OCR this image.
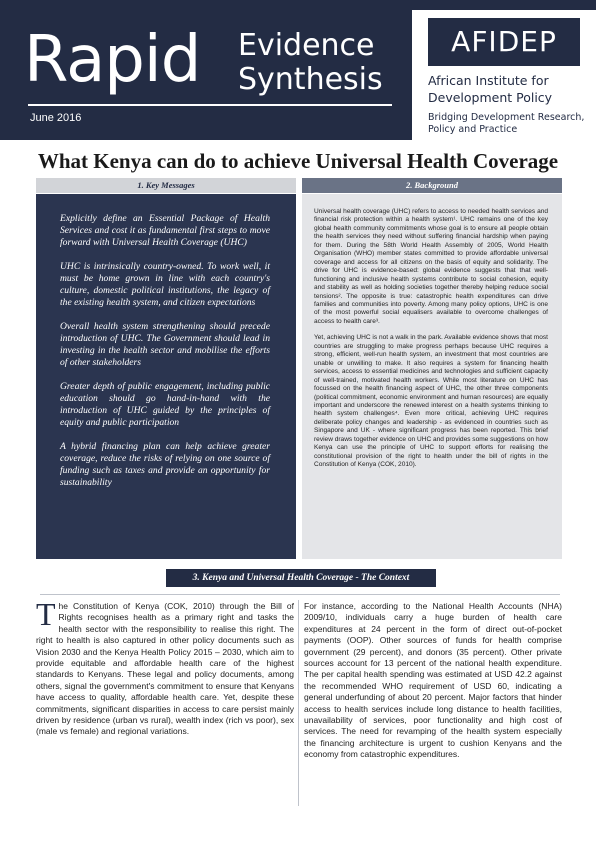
Rapid Evidence
Synthesis
June 2016
AFIDEP
African Institute for Development Policy
Bridging Development Research, Policy and Practice
What Kenya can do to achieve Universal Health Coverage
1. Key Messages	2. Background

Explicitly define an Essential Package of Health Services and cost it as fundamental first steps to move forward with Universal Health Coverage (UHC)

UHC is intrinsically country-owned. To work well, it must be home grown in line with each country's culture, domestic political institutions, the legacy of the existing health system, and citizen expectations

Overall health system strengthening should precede introduction of UHC. The Government should lead in investing in the health sector and mobilise the efforts of other stakeholders

Greater depth of public engagement, including public education should go hand-in-hand with the introduction of UHC guided by the principles of equity and public participation

A hybrid financing plan can help achieve greater coverage, reduce the risks of relying on one source of funding such as taxes and provide an opportunity for sustainability

Universal health coverage (UHC) refers to access to needed health services and financial risk protection within a health system¹. UHC remains one of the key global health community commitments whose goal is to ensure all people obtain the health services they need without suffering financial hardship when paying for them. During the 58th World Health Assembly of 2005, World Health Organisation (WHO) member states committed to provide affordable universal coverage and access for all citizens on the basis of equity and solidarity. The drive for UHC is evidence-based: global evidence suggests that that well-functioning and inclusive health systems contribute to social cohesion, equity and stability as well as holding societies together thereby helping reduce social tensions². The opposite is true: catastrophic health expenditures can drive families and communities into poverty. Among many policy options, UHC is one of the most powerful social equalisers available to overcome challenges of access to health care³.

Yet, achieving UHC is not a walk in the park. Available evidence shows that most countries are struggling to make progress perhaps because UHC requires a strong, efficient, well-run health system, an investment that most countries are unable or unwilling to make. It also requires a system for financing health services, access to essential medicines and technologies and sufficient capacity of well-trained, motivated health workers. While most literature on UHC has focussed on the health financing aspect of UHC, the other three components (political commitment, economic environment and human resources) are equally important and underscore the renewed interest on a health systems thinking to health system challenges⁴. Even more critical, achieving UHC requires deliberate policy changes and leadership - as evidenced in countries such as Singapore and UK - where significant progress has been reported. This brief review draws together evidence on UHC and provides some suggestions on how Kenya can use the principle of UHC to support efforts for realising the constitutional provision of the right to health under the bill of rights in the Constitution of Kenya (COK, 2010).

3. Kenya and Universal Health Coverage - The Context
The Constitution of Kenya (COK, 2010) through the Bill of Rights recognises health as a primary right and tasks the health sector with the responsibility to realise this right. The right to health is also captured in other policy documents such as Vision 2030 and the Kenya Health Policy 2015 – 2030, which aim to provide equitable and affordable health care of the highest standards to Kenyans. These legal and policy documents, among others, signal the government's commitment to ensure that Kenyans have access to quality, affordable health care. Yet, despite these commitments, significant disparities in access to care persist mainly driven by residence (urban vs rural), wealth index (rich vs poor), sex (male vs female) and regional variations.
For instance, according to the National Health Accounts (NHA) 2009/10, individuals carry a huge burden of health care expenditures at 24 percent in the form of direct out-of-pocket payments (OOP). Other sources of funds for health comprise government (29 percent), and donors (35 percent). Other private sources account for 13 percent of the national health expenditure. The per capital health spending was estimated at USD 42.2 against the recommended WHO requirement of USD 60, indicating a general underfunding of about 20 percent. Major factors that hinder access to health services include long distance to health facilities, unavailability of services, poor functionality and high cost of services. The need for revamping of the health system especially the financing architecture is urgent to cushion Kenyans and the economy from catastrophic expenditures.
